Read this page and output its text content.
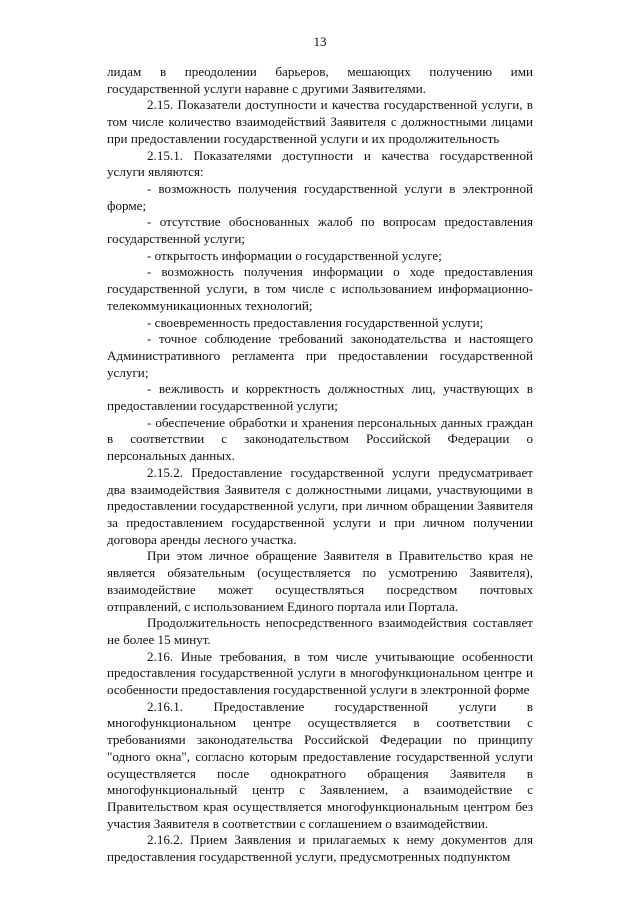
13

лидам в преодолении барьеров, мешающих получению ими государственной услуги наравне с другими Заявителями.

2.15. Показатели доступности и качества государственной услуги, в том числе количество взаимодействий Заявителя с должностными лицами при предоставлении государственной услуги и их продолжительность

2.15.1. Показателями доступности и качества государственной услуги являются:

- возможность получения государственной услуги в электронной форме;

- отсутствие обоснованных жалоб по вопросам предоставления государственной услуги;

- открытость информации о государственной услуге;

- возможность получения информации о ходе предоставления государственной услуги, в том числе с использованием информационно-телекоммуникационных технологий;

- своевременность предоставления государственной услуги;

- точное соблюдение требований законодательства и настоящего Административного регламента при предоставлении государственной услуги;

- вежливость и корректность должностных лиц, участвующих в предоставлении государственной услуги;

- обеспечение обработки и хранения персональных данных граждан в соответствии с законодательством Российской Федерации о персональных данных.

2.15.2. Предоставление государственной услуги предусматривает два взаимодействия Заявителя с должностными лицами, участвующими в предоставлении государственной услуги, при личном обращении Заявителя за предоставлением государственной услуги и при личном получении договора аренды лесного участка.

При этом личное обращение Заявителя в Правительство края не является обязательным (осуществляется по усмотрению Заявителя), взаимодействие может осуществляться посредством почтовых отправлений, с использованием Единого портала или Портала.

Продолжительность непосредственного взаимодействия составляет не более 15 минут.

2.16. Иные требования, в том числе учитывающие особенности предоставления государственной услуги в многофункциональном центре и особенности предоставления государственной услуги в электронной форме

2.16.1. Предоставление государственной услуги в многофункциональном центре осуществляется в соответствии с требованиями законодательства Российской Федерации по принципу "одного окна", согласно которым предоставление государственной услуги осуществляется после однократного обращения Заявителя в многофункциональный центр с Заявлением, а взаимодействие с Правительством края осуществляется многофункциональным центром без участия Заявителя в соответствии с соглашением о взаимодействии.

2.16.2. Прием Заявления и прилагаемых к нему документов для предоставления государственной услуги, предусмотренных подпунктом
